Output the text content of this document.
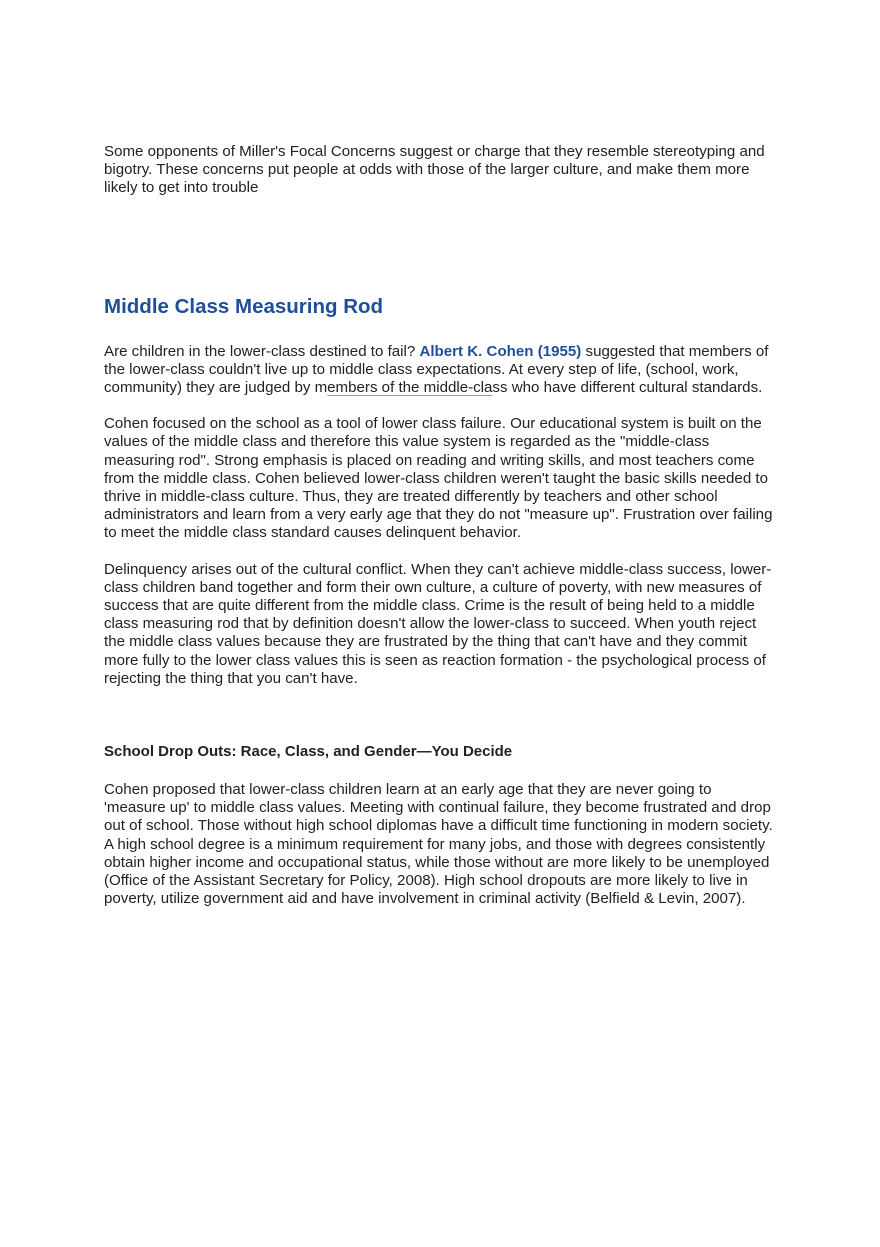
Some opponents of Miller's Focal Concerns suggest or charge that they resemble stereotyping and bigotry. These concerns put people at odds with those of the larger culture, and make them more likely to get into trouble

Middle Class Measuring Rod

Are children in the lower-class destined to fail? Albert K. Cohen (1955) suggested that members of the lower-class couldn't live up to middle class expectations. At every step of life, (school, work, community) they are judged by members of the middle-class who have different cultural standards.

Cohen focused on the school as a tool of lower class failure. Our educational system is built on the values of the middle class and therefore this value system is regarded as the "middle-class measuring rod". Strong emphasis is placed on reading and writing skills, and most teachers come from the middle class. Cohen believed lower-class children weren't taught the basic skills needed to thrive in middle-class culture. Thus, they are treated differently by teachers and other school administrators and learn from a very early age that they do not "measure up". Frustration over failing to meet the middle class standard causes delinquent behavior.

Delinquency arises out of the cultural conflict. When they can't achieve middle-class success, lower-class children band together and form their own culture, a culture of poverty, with new measures of success that are quite different from the middle class. Crime is the result of being held to a middle class measuring rod that by definition doesn't allow the lower-class to succeed. When youth reject the middle class values because they are frustrated by the thing that can't have and they commit more fully to the lower class values this is seen as reaction formation - the psychological process of rejecting the thing that you can't have.

School Drop Outs: Race, Class, and Gender—You Decide

Cohen proposed that lower-class children learn at an early age that they are never going to 'measure up' to middle class values. Meeting with continual failure, they become frustrated and drop out of school. Those without high school diplomas have a difficult time functioning in modern society. A high school degree is a minimum requirement for many jobs, and those with degrees consistently obtain higher income and occupational status, while those without are more likely to be unemployed (Office of the Assistant Secretary for Policy, 2008). High school dropouts are more likely to live in poverty, utilize government aid and have involvement in criminal activity (Belfield & Levin, 2007).
